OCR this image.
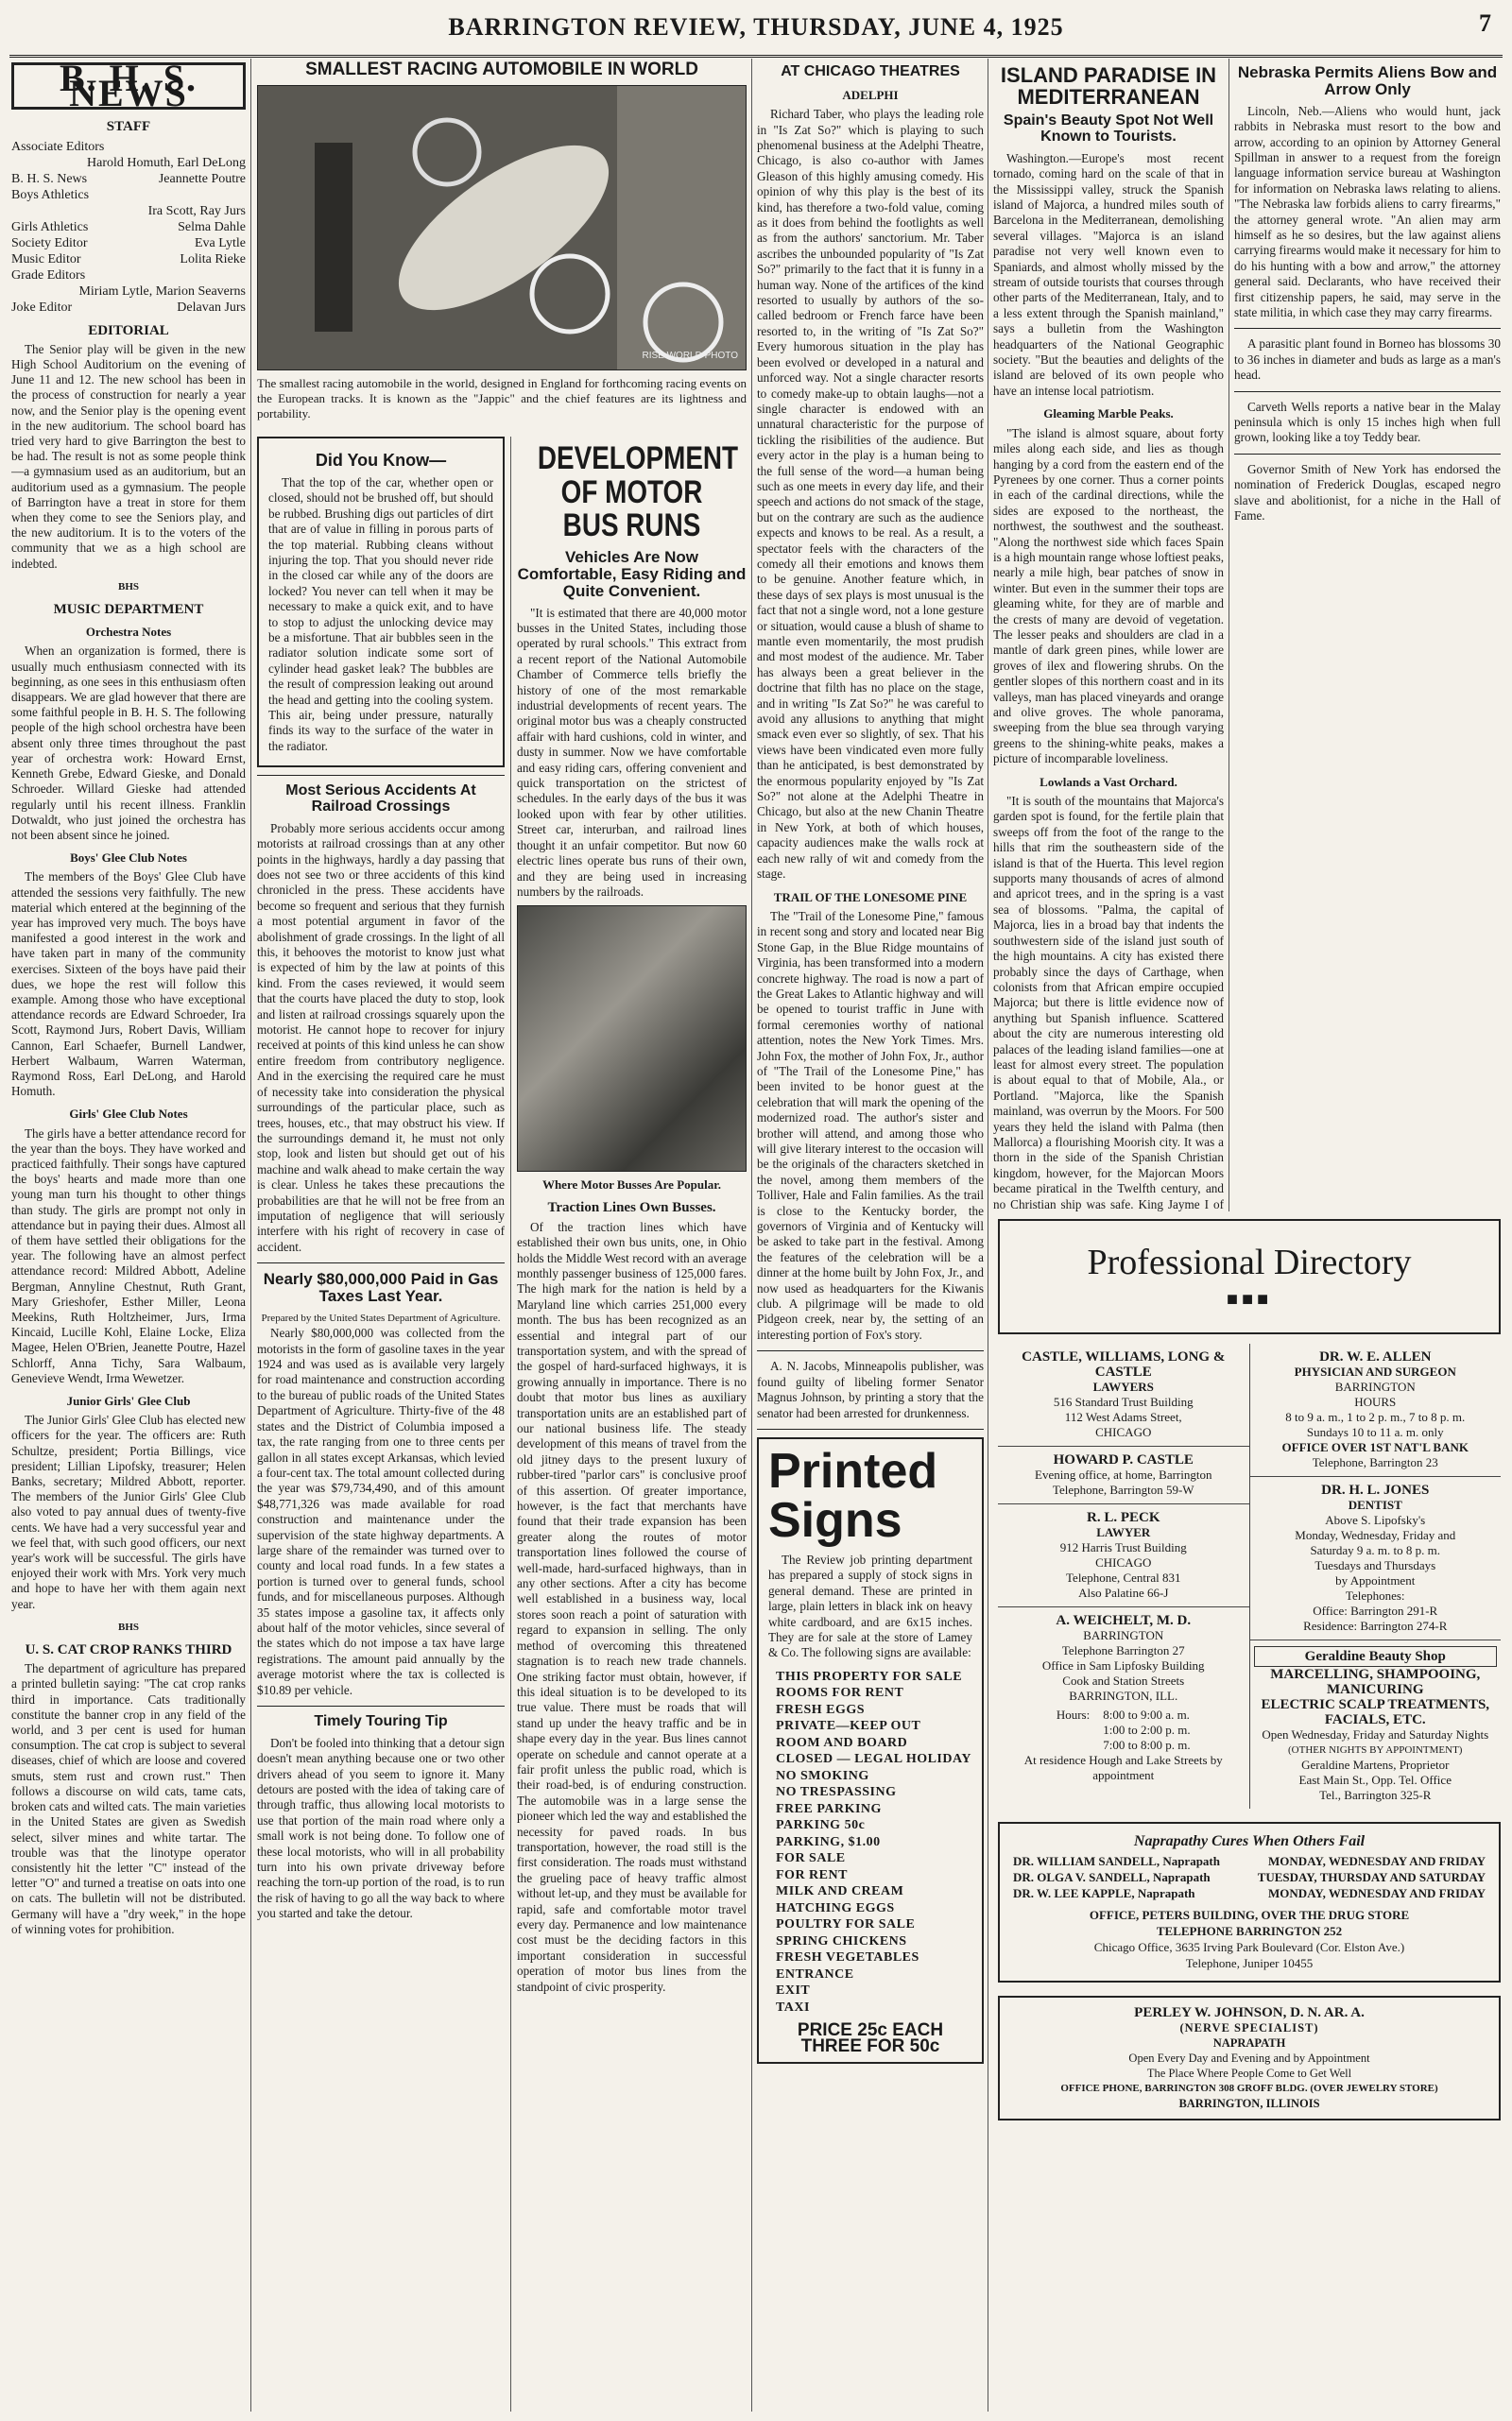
BARRINGTON REVIEW, THURSDAY, JUNE 4, 1925	7
B. H. S. NEWS
STAFF
Associate Editors
Harold Homuth, Earl DeLong
B. H. S. News	Jeannette Poutre
Boys Athletics
Ira Scott, Ray Jurs
Girls Athletics	Selma Dahle
Society Editor	Eva Lytle
Music Editor	Lolita Rieke
Grade Editors
Miriam Lytle, Marion Seaverns
Joke Editor	Delavan Jurs
EDITORIAL

The Senior play will be given in the new High School Auditorium on the evening of June 11 and 12. The new school has been in the process of construction for nearly a year now, and the Senior play is the opening event in the new auditorium. The school board has tried very hard to give Barrington the best to be had. The result is not as some people think—a gymnasium used as an auditorium, but an auditorium used as a gymnasium. The people of Barrington have a treat in store for them when they come to see the Seniors play, and the new auditorium. It is to the voters of the community that we as a high school are indebted.

BHS
MUSIC DEPARTMENT
Orchestra Notes

When an organization is formed, there is usually much enthusiasm connected with its beginning, as one sees in this enthusiasm often disappears. We are glad however that there are some faithful people in B. H. S. The following people of the high school orchestra have been absent only three times throughout the past year of orchestra work: Howard Ernst, Kenneth Grebe, Edward Gieske, and Donald Schroeder. Willard Gieske had attended regularly until his recent illness. Franklin Dotwaldt, who just joined the orchestra has not been absent since he joined.

Boys' Glee Club Notes

The members of the Boys' Glee Club have attended the sessions very faithfully. The new material which entered at the beginning of the year has improved very much. The boys have manifested a good interest in the work and have taken part in many of the community exercises. Sixteen of the boys have paid their dues, we hope the rest will follow this example. Among those who have exceptional attendance records are Edward Schroeder, Ira Scott, Raymond Jurs, Robert Davis, William Cannon, Earl Schaefer, Burnell Landwer, Herbert Walbaum, Warren Waterman, Raymond Ross, Earl DeLong, and Harold Homuth.

Girls' Glee Club Notes

The girls have a better attendance record for the year than the boys. They have worked and practiced faithfully. Their songs have captured the boys' hearts and made more than one young man turn his thought to other things than study. The girls are prompt not only in attendance but in paying their dues. Almost all of them have settled their obligations for the year. The following have an almost perfect attendance record: Mildred Abbott, Adeline Bergman, Annyline Chestnut, Ruth Grant, Mary Grieshofer, Esther Miller, Leona Meekins, Ruth Holtzheimer, Jurs, Irma Kincaid, Lucille Kohl, Elaine Locke, Eliza Magee, Helen O'Brien, Jeanette Poutre, Hazel Schlorff, Anna Tichy, Sara Walbaum, Genevieve Wendt, Irma Wewetzer.

Junior Girls' Glee Club

The Junior Girls' Glee Club has elected new officers for the year. The officers are: Ruth Schultze, president; Portia Billings, vice president; Lillian Lipofsky, treasurer; Helen Banks, secretary; Mildred Abbott, reporter. The members of the Junior Girls' Glee Club also voted to pay annual dues of twenty-five cents. We have had a very successful year and we feel that, with such good officers, our next year's work will be successful. The girls have enjoyed their work with Mrs. York very much and hope to have her with them again next year.

BHS
U. S. CAT CROP RANKS THIRD

The department of agriculture has prepared a printed bulletin saying: "The cat crop ranks third in importance. Cats traditionally constitute the banner crop in any field of the world, and 3 per cent is used for human consumption. The cat crop is subject to several diseases, chief of which are loose and covered smuts, stem rust and crown rust." Then follows a discourse on wild cats, tame cats, broken cats and wilted cats. The main varieties in the United States are given as Swedish select, silver mines and white tartar. The trouble was that the linotype operator consistently hit the letter "C" instead of the letter "O" and turned a treatise on oats into one on cats. The bulletin will not be distributed. Germany will have a "dry week," in the hope of winning votes for prohibition.

SMALLEST RACING AUTOMOBILE IN WORLD
RISE WORLD PHOTO
The smallest racing automobile in the world, designed in England for forthcoming racing events on the European tracks. It is known as the "Jappic" and the chief features are its lightness and portability.
Did You Know—

That the top of the car, whether open or closed, should not be brushed off, but should be rubbed. Brushing digs out particles of dirt that are of value in filling in porous parts of the top material. Rubbing cleans without injuring the top. That you should never ride in the closed car while any of the doors are locked? You never can tell when it may be necessary to make a quick exit, and to have to stop to adjust the unlocking device may be a misfortune. That air bubbles seen in the radiator solution indicate some sort of cylinder head gasket leak? The bubbles are the result of compression leaking out around the head and getting into the cooling system. This air, being under pressure, naturally finds its way to the surface of the water in the radiator.

Most Serious Accidents At Railroad Crossings

Probably more serious accidents occur among motorists at railroad crossings than at any other points in the highways, hardly a day passing that does not see two or three accidents of this kind chronicled in the press. These accidents have become so frequent and serious that they furnish a most potential argument in favor of the abolishment of grade crossings. In the light of all this, it behooves the motorist to know just what is expected of him by the law at points of this kind. From the cases reviewed, it would seem that the courts have placed the duty to stop, look and listen at railroad crossings squarely upon the motorist. He cannot hope to recover for injury received at points of this kind unless he can show entire freedom from contributory negligence. And in the exercising the required care he must of necessity take into consideration the physical surroundings of the particular place, such as trees, houses, etc., that may obstruct his view. If the surroundings demand it, he must not only stop, look and listen but should get out of his machine and walk ahead to make certain the way is clear. Unless he takes these precautions the probabilities are that he will not be free from an imputation of negligence that will seriously interfere with his right of recovery in case of accident.

Nearly $80,000,000 Paid in Gas Taxes Last Year.
Prepared by the United States Department of Agriculture.

Nearly $80,000,000 was collected from the motorists in the form of gasoline taxes in the year 1924 and was used as is available very largely for road maintenance and construction according to the bureau of public roads of the United States Department of Agriculture. Thirty-five of the 48 states and the District of Columbia imposed a tax, the rate ranging from one to three cents per gallon in all states except Arkansas, which levied a four-cent tax. The total amount collected during the year was $79,734,490, and of this amount $48,771,326 was made available for road construction and maintenance under the supervision of the state highway departments. A large share of the remainder was turned over to county and local road funds. In a few states a portion is turned over to general funds, school funds, and for miscellaneous purposes. Although 35 states impose a gasoline tax, it affects only about half of the motor vehicles, since several of the states which do not impose a tax have large registrations. The amount paid annually by the average motorist where the tax is collected is $10.89 per vehicle.

Timely Touring Tip

Don't be fooled into thinking that a detour sign doesn't mean anything because one or two other drivers ahead of you seem to ignore it. Many detours are posted with the idea of taking care of through traffic, thus allowing local motorists to use that portion of the main road where only a small work is not being done. To follow one of these local motorists, who will in all probability turn into his own private driveway before reaching the torn-up portion of the road, is to run the risk of having to go all the way back to where you started and take the detour.

DEVELOPMENT OF MOTOR BUS RUNS
Vehicles Are Now Comfortable, Easy Riding and Quite Convenient.

"It is estimated that there are 40,000 motor busses in the United States, including those operated by rural schools." This extract from a recent report of the National Automobile Chamber of Commerce tells briefly the history of one of the most remarkable industrial developments of recent years. The original motor bus was a cheaply constructed affair with hard cushions, cold in winter, and dusty in summer. Now we have comfortable and easy riding cars, offering convenient and quick transportation on the strictest of schedules. In the early days of the bus it was looked upon with fear by other utilities. Street car, interurban, and railroad lines thought it an unfair competitor. But now 60 electric lines operate bus runs of their own, and they are being used in increasing numbers by the railroads.

Where Motor Busses Are Popular.
Traction Lines Own Busses.

Of the traction lines which have established their own bus units, one, in Ohio holds the Middle West record with an average monthly passenger business of 125,000 fares. The high mark for the nation is held by a Maryland line which carries 251,000 every month. The bus has been recognized as an essential and integral part of our transportation system, and with the spread of the gospel of hard-surfaced highways, it is growing annually in importance. There is no doubt that motor bus lines as auxiliary transportation units are an established part of our national business life. The steady development of this means of travel from the old jitney days to the present luxury of rubber-tired "parlor cars" is conclusive proof of this assertion. Of greater importance, however, is the fact that merchants have found that their trade expansion has been greater along the routes of motor transportation lines followed the course of well-made, hard-surfaced highways, than in any other sections. After a city has become well established in a business way, local stores soon reach a point of saturation with regard to expansion in selling. The only method of overcoming this threatened stagnation is to reach new trade channels. One striking factor must obtain, however, if this ideal situation is to be developed to its true value. There must be roads that will stand up under the heavy traffic and be in shape every day in the year. Bus lines cannot operate on schedule and cannot operate at a fair profit unless the public road, which is their road-bed, is of enduring construction. The automobile was in a large sense the pioneer which led the way and established the necessity for paved roads. In bus transportation, however, the road still is the first consideration. The roads must withstand the grueling pace of heavy traffic almost without let-up, and they must be available for rapid, safe and comfortable motor travel every day. Permanence and low maintenance cost must be the deciding factors in this important consideration in successful operation of motor bus lines from the standpoint of civic prosperity.

AT CHICAGO THEATRES
ADELPHI

Richard Taber, who plays the leading role in "Is Zat So?" which is playing to such phenomenal business at the Adelphi Theatre, Chicago, is also co-author with James Gleason of this highly amusing comedy. His opinion of why this play is the best of its kind, has therefore a two-fold value, coming as it does from behind the footlights as well as from the authors' sanctorium. Mr. Taber ascribes the unbounded popularity of "Is Zat So?" primarily to the fact that it is funny in a human way. None of the artifices of the kind resorted to usually by authors of the so-called bedroom or French farce have been resorted to, in the writing of "Is Zat So?" Every humorous situation in the play has been evolved or developed in a natural and unforced way. Not a single character resorts to comedy make-up to obtain laughs—not a single character is endowed with an unnatural characteristic for the purpose of tickling the risibilities of the audience. But every actor in the play is a human being to the full sense of the word—a human being such as one meets in every day life, and their speech and actions do not smack of the stage, but on the contrary are such as the audience expects and knows to be real. As a result, a spectator feels with the characters of the comedy all their emotions and knows them to be genuine. Another feature which, in these days of sex plays is most unusual is the fact that not a single word, not a lone gesture or situation, would cause a blush of shame to mantle even momentarily, the most prudish and most modest of the audience. Mr. Taber has always been a great believer in the doctrine that filth has no place on the stage, and in writing "Is Zat So?" he was careful to avoid any allusions to anything that might smack even ever so slightly, of sex. That his views have been vindicated even more fully than he anticipated, is best demonstrated by the enormous popularity enjoyed by "Is Zat So?" not alone at the Adelphi Theatre in Chicago, but also at the new Chanin Theatre in New York, at both of which houses, capacity audiences make the walls rock at each new rally of wit and comedy from the stage.

TRAIL OF THE LONESOME PINE

The "Trail of the Lonesome Pine," famous in recent song and story and located near Big Stone Gap, in the Blue Ridge mountains of Virginia, has been transformed into a modern concrete highway. The road is now a part of the Great Lakes to Atlantic highway and will be opened to tourist traffic in June with formal ceremonies worthy of national attention, notes the New York Times. Mrs. John Fox, the mother of John Fox, Jr., author of "The Trail of the Lonesome Pine," has been invited to be honor guest at the celebration that will mark the opening of the modernized road. The author's sister and brother will attend, and among those who will give literary interest to the occasion will be the originals of the characters sketched in the novel, among them members of the Tolliver, Hale and Falin families. As the trail is close to the Kentucky border, the governors of Virginia and of Kentucky will be asked to take part in the festival. Among the features of the celebration will be a dinner at the home built by John Fox, Jr., and now used as headquarters for the Kiwanis club. A pilgrimage will be made to old Pidgeon creek, near by, the setting of an interesting portion of Fox's story.

A. N. Jacobs, Minneapolis publisher, was found guilty of libeling former Senator Magnus Johnson, by printing a story that the senator had been arrested for drunkenness.

Printed Signs

The Review job printing department has prepared a supply of stock signs in general demand. These are printed in large, plain letters in black ink on heavy white cardboard, and are 6x15 inches. They are for sale at the store of Lamey & Co. The following signs are available:

THIS PROPERTY FOR SALE
ROOMS FOR RENT
FRESH EGGS
PRIVATE—KEEP OUT
ROOM AND BOARD
CLOSED — LEGAL HOLIDAY
NO SMOKING
NO TRESPASSING
FREE PARKING
PARKING 50c
PARKING, $1.00
FOR SALE
FOR RENT
MILK AND CREAM
HATCHING EGGS
POULTRY FOR SALE
SPRING CHICKENS
FRESH VEGETABLES
ENTRANCE
EXIT
TAXI
PRICE 25c EACH
THREE FOR 50c
ISLAND PARADISE IN MEDITERRANEAN
Spain's Beauty Spot Not Well Known to Tourists.

Washington.—Europe's most recent tornado, coming hard on the scale of that in the Mississippi valley, struck the Spanish island of Majorca, a hundred miles south of Barcelona in the Mediterranean, demolishing several villages. "Majorca is an island paradise not very well known even to Spaniards, and almost wholly missed by the stream of outside tourists that courses through other parts of the Mediterranean, Italy, and to a less extent through the Spanish mainland," says a bulletin from the Washington headquarters of the National Geographic society. "But the beauties and delights of the island are beloved of its own people who have an intense local patriotism.

Gleaming Marble Peaks.

"The island is almost square, about forty miles along each side, and lies as though hanging by a cord from the eastern end of the Pyrenees by one corner. Thus a corner points in each of the cardinal directions, while the sides are exposed to the northeast, the northwest, the southwest and the southeast. "Along the northwest side which faces Spain is a high mountain range whose loftiest peaks, nearly a mile high, bear patches of snow in winter. But even in the summer their tops are gleaming white, for they are of marble and the crests of many are devoid of vegetation. The lesser peaks and shoulders are clad in a mantle of dark green pines, while lower are groves of ilex and flowering shrubs. On the gentler slopes of this northern coast and in its valleys, man has placed vineyards and orange and olive groves. The whole panorama, sweeping from the blue sea through varying greens to the shining-white peaks, makes a picture of incomparable loveliness.

Lowlands a Vast Orchard.

"It is south of the mountains that Majorca's garden spot is found, for the fertile plain that sweeps off from the foot of the range to the hills that rim the southeastern side of the island is that of the Huerta. This level region supports many thousands of acres of almond and apricot trees, and in the spring is a vast sea of blossoms. "Palma, the capital of Majorca, lies in a broad bay that indents the southwestern side of the island just south of the high mountains. A city has existed there probably since the days of Carthage, when colonists from that African empire occupied Majorca; but there is little evidence now of anything but Spanish influence. Scattered about the city are numerous interesting old palaces of the leading island families—one at least for almost every street. The population is about equal to that of Mobile, Ala., or Portland. "Majorca, like the Spanish mainland, was overrun by the Moors. For 500 years they held the island with Palma (then Mallorca) a flourishing Moorish city. It was a thorn in the side of the Spanish Christian kingdom, however, for the Majorcan Moors became piratical in the Twelfth century, and no Christian ship was safe. King Jayme I of

Nebraska Permits Aliens Bow and Arrow Only

Lincoln, Neb.—Aliens who would hunt, jack rabbits in Nebraska must resort to the bow and arrow, according to an opinion by Attorney General Spillman in answer to a request from the foreign language information service bureau at Washington for information on Nebraska laws relating to aliens. "The Nebraska law forbids aliens to carry firearms," the attorney general wrote. "An alien may arm himself as he so desires, but the law against aliens carrying firearms would make it necessary for him to do his hunting with a bow and arrow," the attorney general said. Declarants, who have received their first citizenship papers, he said, may serve in the state militia, in which case they may carry firearms.

A parasitic plant found in Borneo has blossoms 30 to 36 inches in diameter and buds as large as a man's head.

Carveth Wells reports a native bear in the Malay peninsula which is only 15 inches high when full grown, looking like a toy Teddy bear.

Governor Smith of New York has endorsed the nomination of Frederick Douglas, escaped negro slave and abolitionist, for a niche in the Hall of Fame.

Professional Directory
■■■
CASTLE, WILLIAMS, LONG & CASTLE
LAWYERS
516 Standard Trust Building
112 West Adams Street,
CHICAGO
HOWARD P. CASTLE
Evening office, at home, Barrington
Telephone, Barrington 59-W
R. L. PECK
LAWYER
912 Harris Trust Building
CHICAGO
Telephone, Central 831
Also Palatine 66-J
A. WEICHELT, M. D.
BARRINGTON
Telephone Barrington 27
Office in Sam Lipfosky Building
Cook and Station Streets
BARRINGTON, ILL.
Hours: 8:00 to 9:00 a. m.
1:00 to 2:00 p. m.
7:00 to 8:00 p. m.
At residence Hough and Lake Streets by appointment
DR. W. E. ALLEN
PHYSICIAN AND SURGEON
BARRINGTON
HOURS
8 to 9 a. m., 1 to 2 p. m., 7 to 8 p. m.
Sundays 10 to 11 a. m. only
OFFICE OVER 1ST NAT'L BANK
Telephone, Barrington 23
DR. H. L. JONES
DENTIST
Above S. Lipofsky's
Monday, Wednesday, Friday and
Saturday 9 a. m. to 8 p. m.
Tuesdays and Thursdays
by Appointment
Telephones:
Office: Barrington 291-R
Residence: Barrington 274-R
Geraldine Beauty Shop
MARCELLING, SHAMPOOING, MANICURING
ELECTRIC SCALP TREATMENTS, FACIALS, ETC.
Open Wednesday, Friday and Saturday Nights
(OTHER NIGHTS BY APPOINTMENT)
Geraldine Martens, Proprietor
East Main St., Opp. Tel. Office
Tel., Barrington 325-R
Naprapathy Cures When Others Fail
DR. WILLIAM SANDELL, Naprapath	MONDAY, WEDNESDAY AND FRIDAY
DR. OLGA V. SANDELL, Naprapath	TUESDAY, THURSDAY AND SATURDAY
DR. W. LEE KAPPLE, Naprapath	MONDAY, WEDNESDAY AND FRIDAY
OFFICE, PETERS BUILDING, OVER THE DRUG STORE
TELEPHONE BARRINGTON 252
Chicago Office, 3635 Irving Park Boulevard (Cor. Elston Ave.)
Telephone, Juniper 10455
PERLEY W. JOHNSON, D. N. AR. A.
(NERVE SPECIALIST)
NAPRAPATH
Open Every Day and Evening and by Appointment
The Place Where People Come to Get Well
OFFICE PHONE, BARRINGTON 308 GROFF BLDG. (OVER JEWELRY STORE)
BARRINGTON, ILLINOIS
